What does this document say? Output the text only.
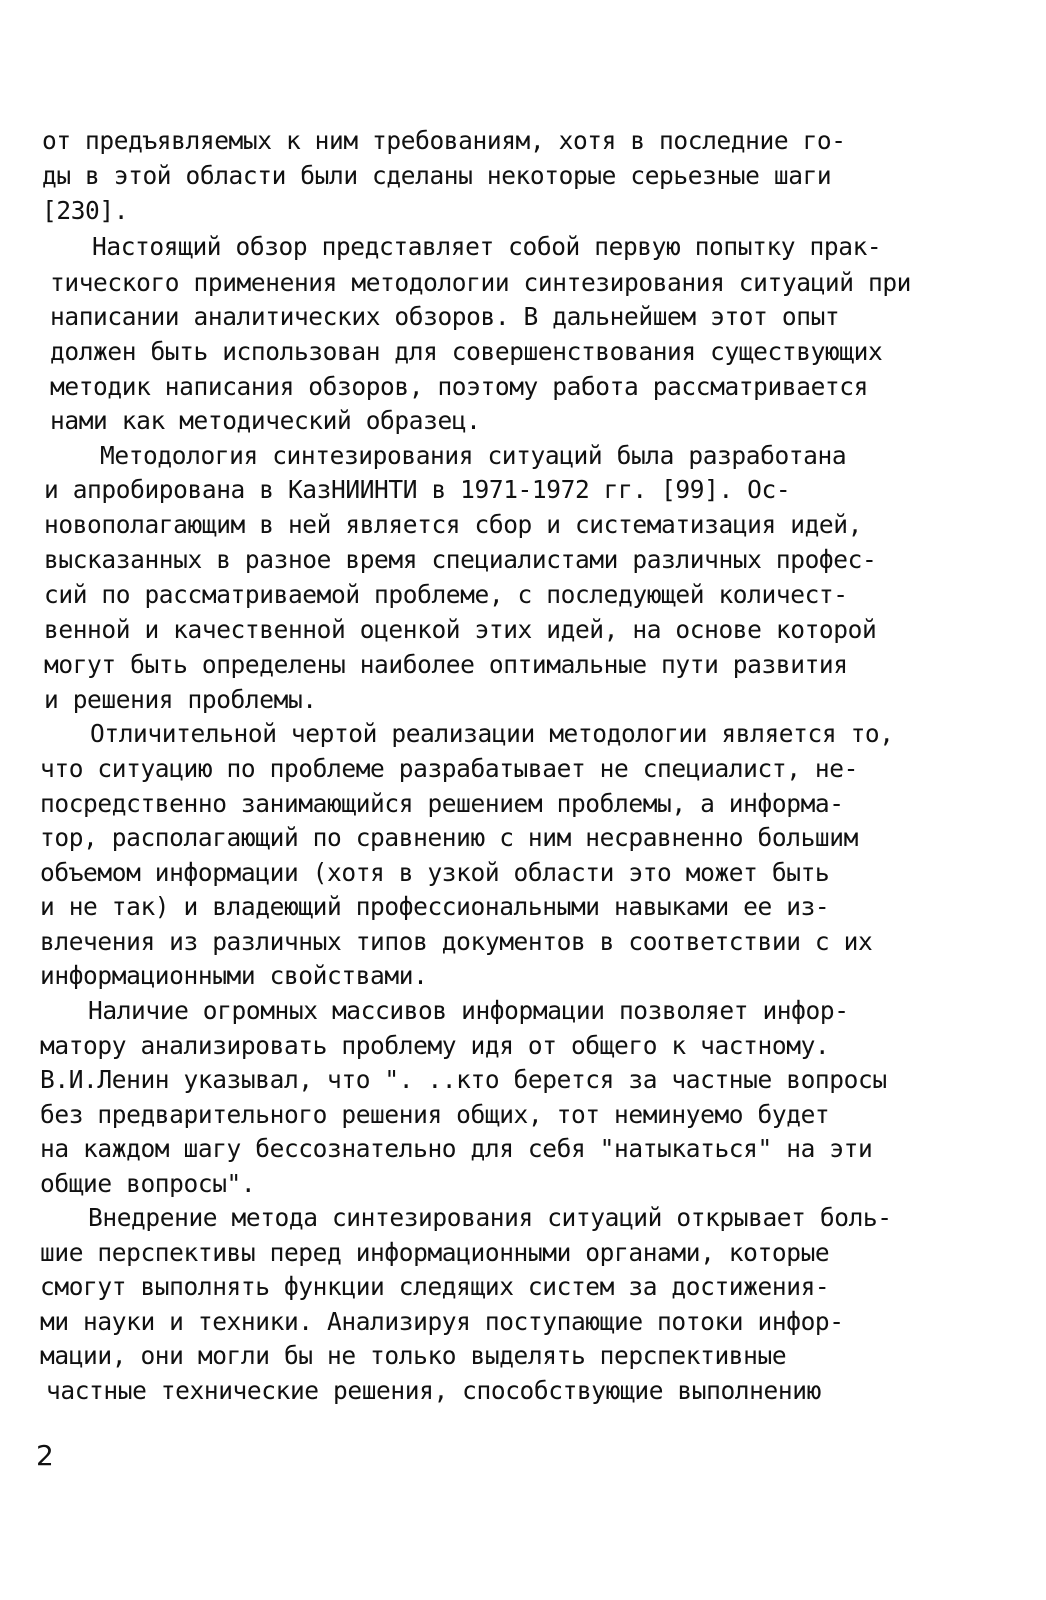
от предъявляемых к ним требованиям, хотя в последние го-
ды в этой области были сделаны некоторые серьезные шаги
[230].
Настоящий обзор представляет собой первую попытку прак-
тического применения методологии синтезирования ситуаций при
написании аналитических обзоров. В дальнейшем этот опыт
должен быть использован для совершенствования существующих
методик написания обзоров, поэтому работа рассматривается
нами как методический образец.
Методология синтезирования ситуаций была разработана
и апробирована в КазНИИНТИ в 1971-1972 гг. [99]. Ос-
новополагающим в ней является сбор и систематизация идей,
высказанных в разное время специалистами различных профес-
сий по рассматриваемой проблеме, с последующей количест-
венной и качественной оценкой этих идей, на основе которой
могут быть определены наиболее оптимальные пути развития
и решения проблемы.
Отличительной чертой реализации методологии является то,
что ситуацию по проблеме разрабатывает не специалист, не-
посредственно занимающийся решением проблемы, а информа-
тор, располагающий по сравнению с ним несравненно большим
объемом информации (хотя в узкой области это может быть
и не так) и владеющий профессиональными навыками ее из-
влечения из различных типов документов в соответствии с их
информационными свойствами.
Наличие огромных массивов информации позволяет инфор-
матору анализировать проблему идя от общего к частному.
В.И.Ленин указывал, что ". ..кто берется за частные вопросы
без предварительного решения общих, тот неминуемо будет
на каждом шагу бессознательно для себя "натыкаться" на эти
общие вопросы".
Внедрение метода синтезирования ситуаций открывает боль-
шие перспективы перед информационными органами, которые
смогут выполнять функции следящих систем за достижения-
ми науки и техники. Анализируя поступающие потоки инфор-
мации, они могли бы не только выделять перспективные
частные технические решения, способствующие выполнению
2
